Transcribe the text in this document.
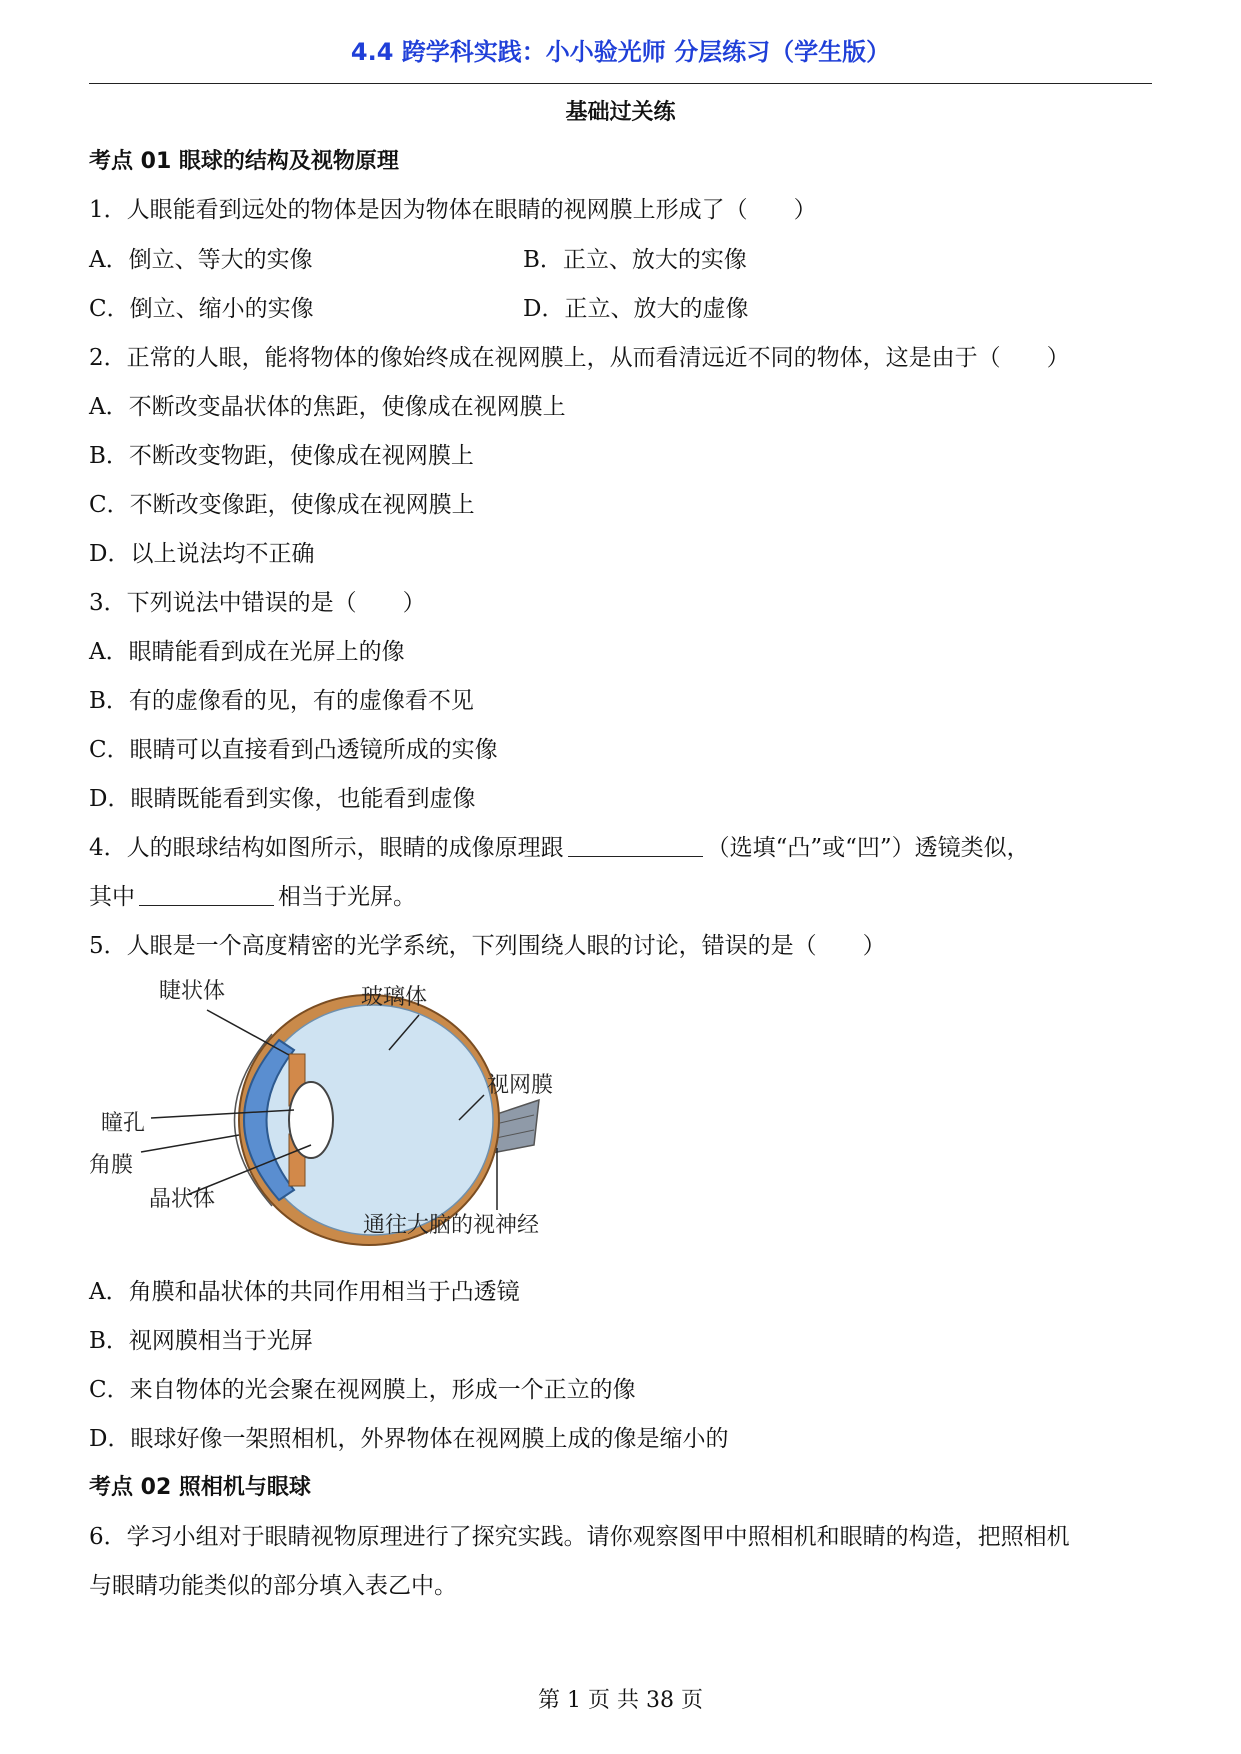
4.4 跨学科实践：小小验光师 分层练习（学生版）
基础过关练
考点 01 眼球的结构及视物原理
1．人眼能看到远处的物体是因为物体在眼睛的视网膜上形成了（　　）
A．倒立、等大的实像	B．正立、放大的实像
C．倒立、缩小的实像	D．正立、放大的虚像
2．正常的人眼，能将物体的像始终成在视网膜上，从而看清远近不同的物体，这是由于（　　）
A．不断改变晶状体的焦距，使像成在视网膜上
B．不断改变物距，使像成在视网膜上
C．不断改变像距，使像成在视网膜上
D．以上说法均不正确
3．下列说法中错误的是（　　）
A．眼睛能看到成在光屏上的像
B．有的虚像看的见，有的虚像看不见
C．眼睛可以直接看到凸透镜所成的实像
D．眼睛既能看到实像，也能看到虚像
4．人的眼球结构如图所示，眼睛的成像原理跟	（选填“凸”或“凹”）透镜类似，
其中	相当于光屏。
5．人眼是一个高度精密的光学系统，下列围绕人眼的讨论，错误的是（　　）
睫状体	玻璃体
视网膜
瞳孔
角膜
晶状体
通往大脑的视神经
A．角膜和晶状体的共同作用相当于凸透镜
B．视网膜相当于光屏
C．来自物体的光会聚在视网膜上，形成一个正立的像
D．眼球好像一架照相机，外界物体在视网膜上成的像是缩小的
考点 02 照相机与眼球
6．学习小组对于眼睛视物原理进行了探究实践。请你观察图甲中照相机和眼睛的构造，把照相机
与眼睛功能类似的部分填入表乙中。
第 1 页 共 38 页
